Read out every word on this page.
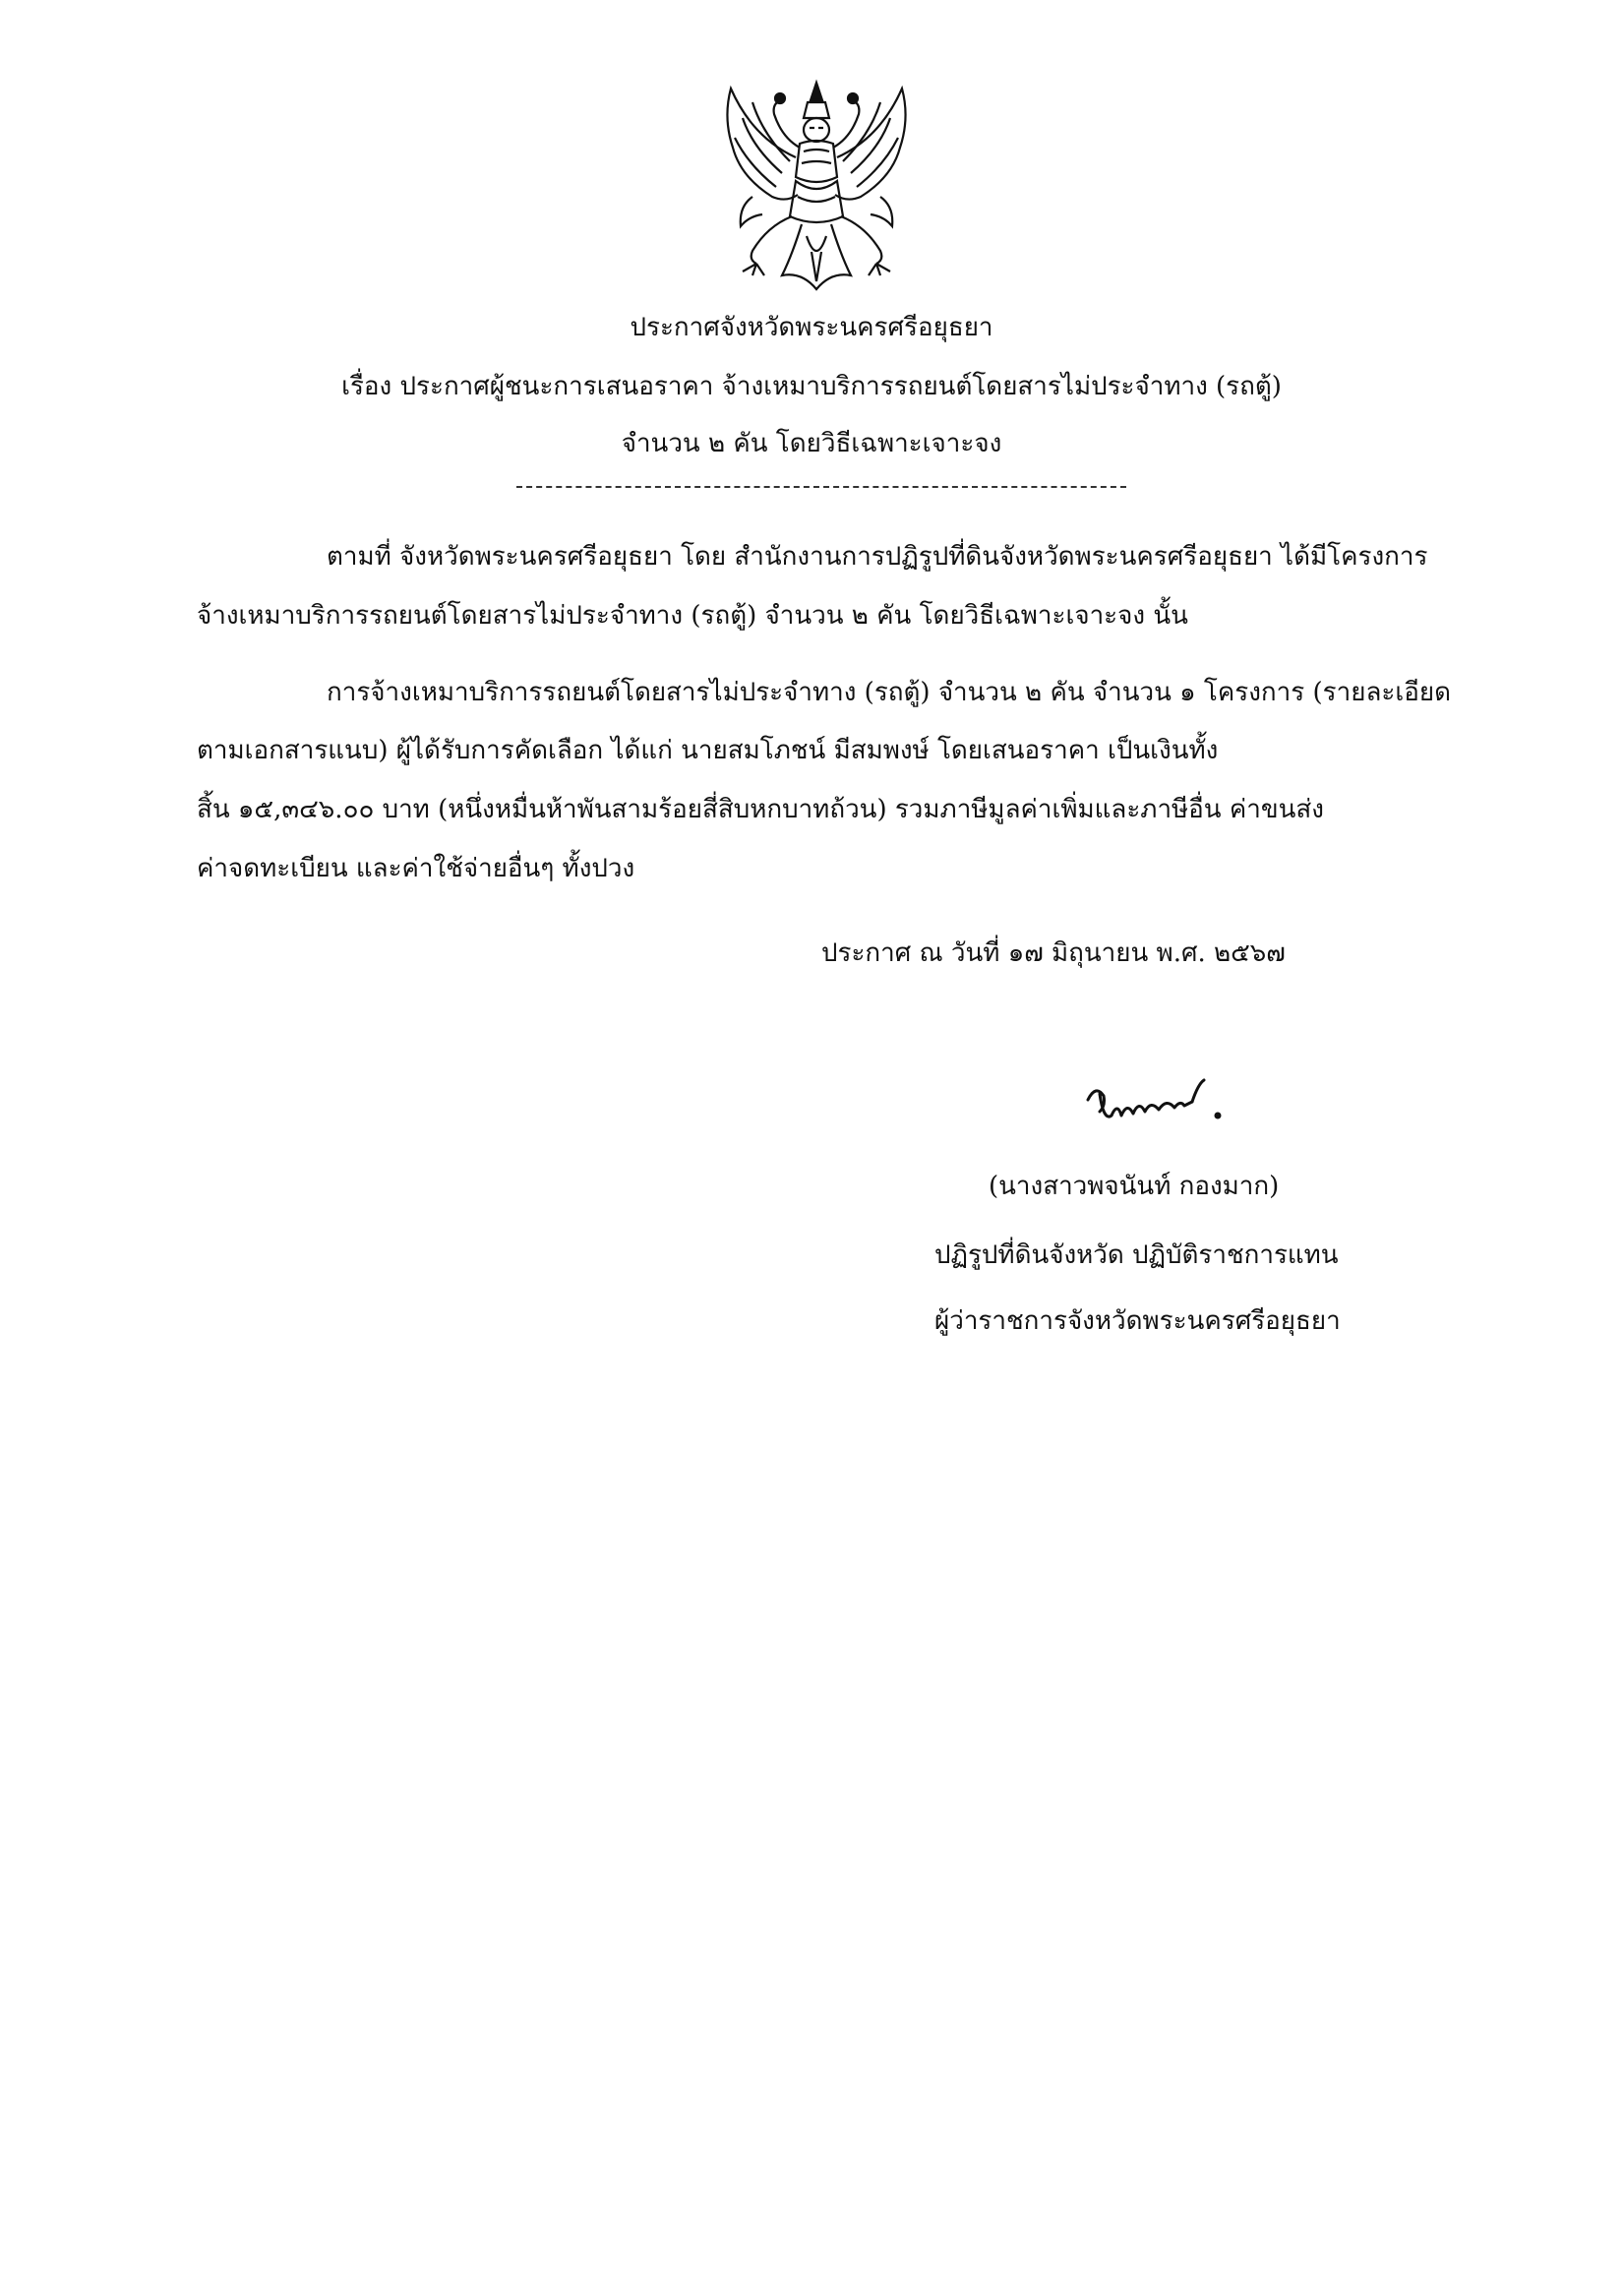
ประกาศจังหวัดพระนครศรีอยุธยา
เรื่อง ประกาศผู้ชนะการเสนอราคา จ้างเหมาบริการรถยนต์โดยสารไม่ประจำทาง (รถตู้)
จำนวน ๒ คัน โดยวิธีเฉพาะเจาะจง
ตามที่ จังหวัดพระนครศรีอยุธยา โดย สำนักงานการปฏิรูปที่ดินจังหวัดพระนครศรีอยุธยา ได้มีโครงการ
จ้างเหมาบริการรถยนต์โดยสารไม่ประจำทาง (รถตู้) จำนวน ๒ คัน โดยวิธีเฉพาะเจาะจง นั้น
การจ้างเหมาบริการรถยนต์โดยสารไม่ประจำทาง (รถตู้) จำนวน ๒ คัน จำนวน ๑ โครงการ (รายละเอียด
ตามเอกสารแนบ) ผู้ได้รับการคัดเลือก ได้แก่ นายสมโภชน์ มีสมพงษ์ โดยเสนอราคา เป็นเงินทั้ง
สิ้น ๑๕,๓๔๖.๐๐ บาท (หนึ่งหมื่นห้าพันสามร้อยสี่สิบหกบาทถ้วน) รวมภาษีมูลค่าเพิ่มและภาษีอื่น ค่าขนส่ง
ค่าจดทะเบียน และค่าใช้จ่ายอื่นๆ ทั้งปวง
ประกาศ ณ วันที่ ๑๗ มิถุนายน พ.ศ. ๒๕๖๗
(นางสาวพจนันท์ กองมาก)
ปฏิรูปที่ดินจังหวัด ปฏิบัติราชการแทน
ผู้ว่าราชการจังหวัดพระนครศรีอยุธยา
